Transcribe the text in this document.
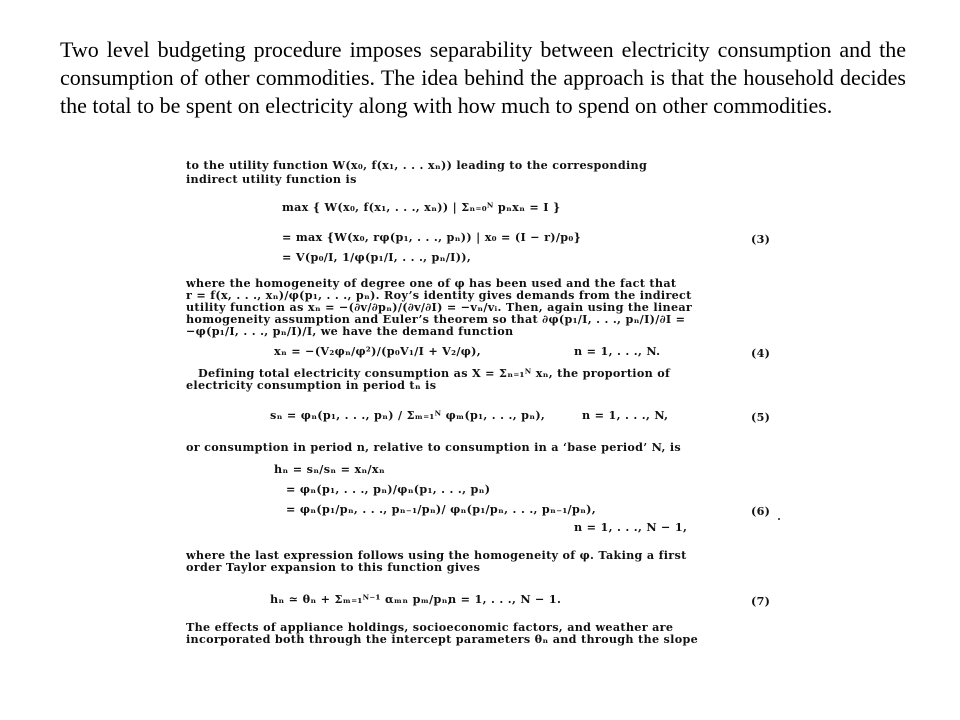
Two level budgeting procedure imposes separability between electricity consumption and the consumption of other commodities. The idea behind the approach is that the household decides the total to be spent on electricity along with how much to spend on other commodities.

to the utility function W(x₀, f(x₁, . . . xₙ)) leading to the corresponding
indirect utility function is
max { W(x₀, f(x₁, . . ., xₙ)) | Σₙ₌₀ᴺ pₙxₙ = I }
= max {W(x₀, rφ(p₁, . . ., pₙ)) | x₀ = (I − r)/p₀}
= V(p₀/I, 1/φ(p₁/I, . . ., pₙ/I)),
where the homogeneity of degree one of φ has been used and the fact that
r = f(x, . . ., xₙ)/φ(p₁, . . ., pₙ). Roy’s identity gives demands from the indirect
utility function as xₙ = −(∂v/∂pₙ)/(∂v/∂I) = −vₙ/vᵢ. Then, again using the linear
homogeneity assumption and Euler’s theorem so that ∂φ(p₁/I, . . ., pₙ/I)/∂I =
−φ(p₁/I, . . ., pₙ/I)/I, we have the demand function
xₙ = −(V₂φₙ/φ²)/(p₀V₁/I + V₂/φ),	n = 1, . . ., N.
Defining total electricity consumption as X = Σₙ₌₁ᴺ xₙ, the proportion of
electricity consumption in period tₙ is
sₙ = φₙ(p₁, . . ., pₙ) / Σₘ₌₁ᴺ φₘ(p₁, . . ., pₙ),	n = 1, . . ., N,
or consumption in period n, relative to consumption in a ‘base period’ N, is
hₙ = sₙ/sₙ = xₙ/xₙ
= φₙ(p₁, . . ., pₙ)/φₙ(p₁, . . ., pₙ)
= φₙ(p₁/pₙ, . . ., pₙ₋₁/pₙ)/ φₙ(p₁/pₙ, . . ., pₙ₋₁/pₙ),
n = 1, . . ., N − 1,
where the last expression follows using the homogeneity of φ. Taking a first
order Taylor expansion to this function gives
hₙ ≃ θₙ + Σₘ₌₁ᴺ⁻¹ αₘₙ pₘ/pₙ,
n = 1, . . ., N − 1.
The effects of appliance holdings, socioeconomic factors, and weather are
incorporated both through the intercept parameters θₙ and through the slope
(3)
(4)
(5)
(6)
(7)
